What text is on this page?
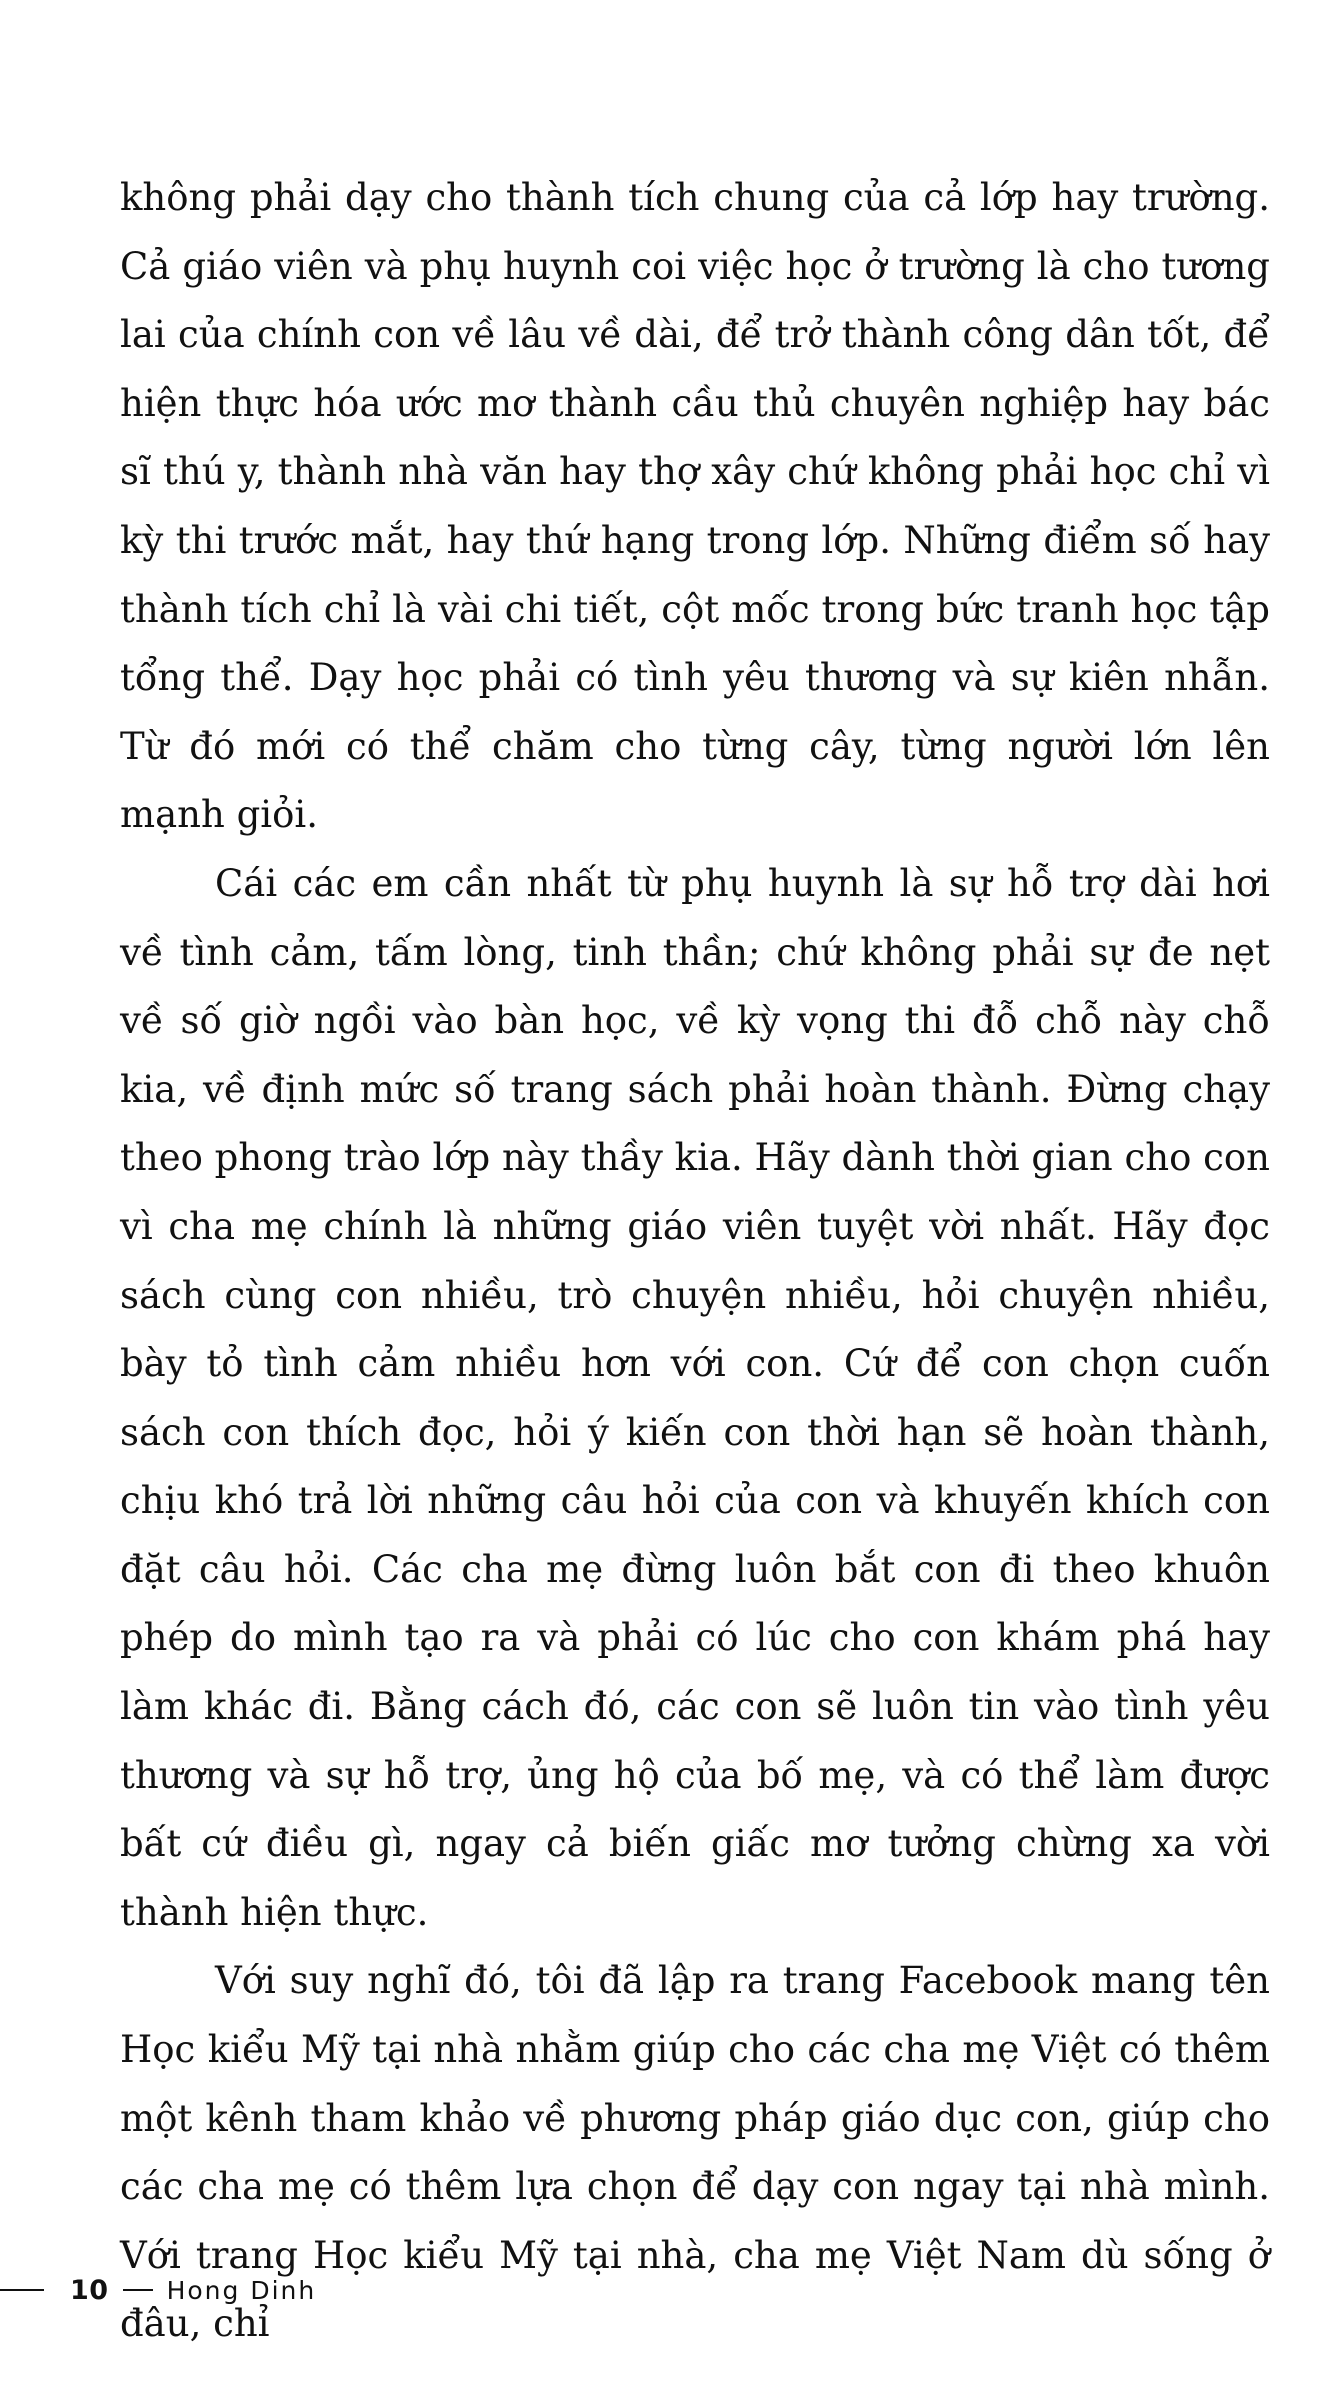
không phải dạy cho thành tích chung của cả lớp hay trường. Cả giáo viên và phụ huynh coi việc học ở trường là cho tương lai của chính con về lâu về dài, để trở thành công dân tốt, để hiện thực hóa ước mơ thành cầu thủ chuyên nghiệp hay bác sĩ thú y, thành nhà văn hay thợ xây chứ không phải học chỉ vì kỳ thi trước mắt, hay thứ hạng trong lớp. Những điểm số hay thành tích chỉ là vài chi tiết, cột mốc trong bức tranh học tập tổng thể. Dạy học phải có tình yêu thương và sự kiên nhẫn. Từ đó mới có thể chăm cho từng cây, từng người lớn lên mạnh giỏi.

Cái các em cần nhất từ phụ huynh là sự hỗ trợ dài hơi về tình cảm, tấm lòng, tinh thần; chứ không phải sự đe nẹt về số giờ ngồi vào bàn học, về kỳ vọng thi đỗ chỗ này chỗ kia, về định mức số trang sách phải hoàn thành. Đừng chạy theo phong trào lớp này thầy kia. Hãy dành thời gian cho con vì cha mẹ chính là những giáo viên tuyệt vời nhất. Hãy đọc sách cùng con nhiều, trò chuyện nhiều, hỏi chuyện nhiều, bày tỏ tình cảm nhiều hơn với con. Cứ để con chọn cuốn sách con thích đọc, hỏi ý kiến con thời hạn sẽ hoàn thành, chịu khó trả lời những câu hỏi của con và khuyến khích con đặt câu hỏi. Các cha mẹ đừng luôn bắt con đi theo khuôn phép do mình tạo ra và phải có lúc cho con khám phá hay làm khác đi. Bằng cách đó, các con sẽ luôn tin vào tình yêu thương và sự hỗ trợ, ủng hộ của bố mẹ, và có thể làm được bất cứ điều gì, ngay cả biến giấc mơ tưởng chừng xa vời thành hiện thực.

Với suy nghĩ đó, tôi đã lập ra trang Facebook mang tên Học kiểu Mỹ tại nhà nhằm giúp cho các cha mẹ Việt có thêm một kênh tham khảo về phương pháp giáo dục con, giúp cho các cha mẹ có thêm lựa chọn để dạy con ngay tại nhà mình. Với trang Học kiểu Mỹ tại nhà, cha mẹ Việt Nam dù sống ở đâu, chỉ

10 Hong Dinh
